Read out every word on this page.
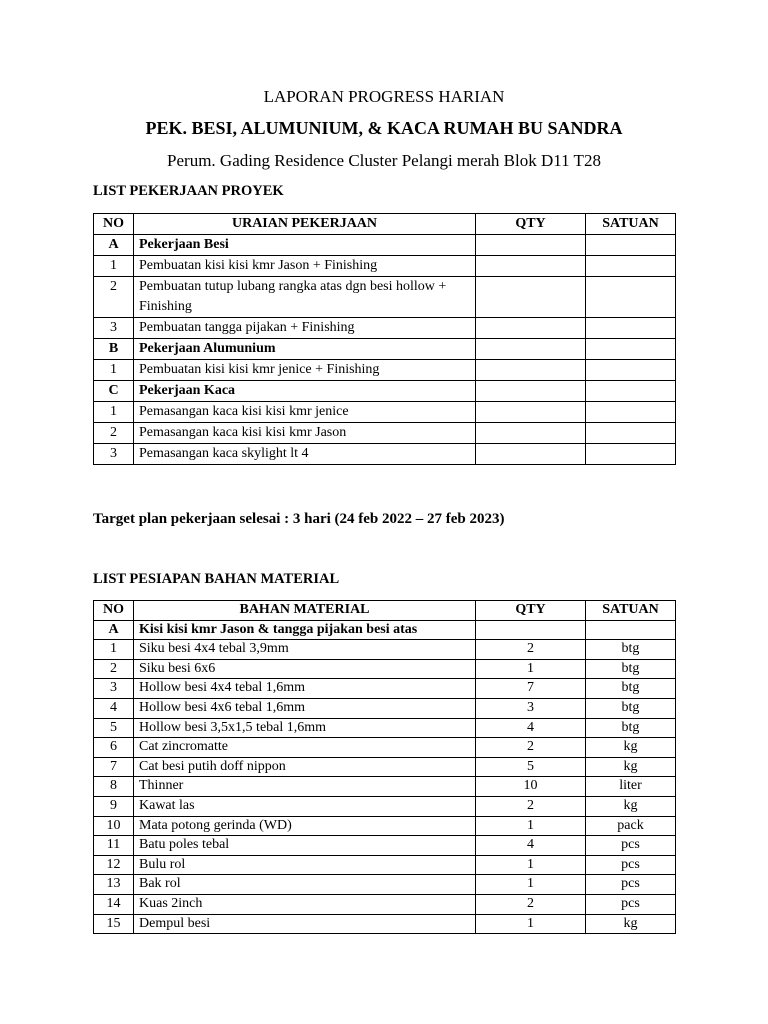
LAPORAN PROGRESS HARIAN
PEK. BESI, ALUMUNIUM, & KACA RUMAH BU SANDRA
Perum. Gading Residence Cluster Pelangi merah Blok D11 T28
LIST PEKERJAAN PROYEK
NO	URAIAN PEKERJAAN	QTY	SATUAN
A	Pekerjaan Besi		
1	Pembuatan kisi kisi kmr Jason + Finishing		
2	Pembuatan tutup lubang rangka atas dgn besi hollow + Finishing		
3	Pembuatan tangga pijakan + Finishing		
B	Pekerjaan Alumunium		
1	Pembuatan kisi kisi kmr jenice + Finishing		
C	Pekerjaan Kaca		
1	Pemasangan kaca kisi kisi kmr jenice		
2	Pemasangan kaca kisi kisi kmr Jason		
3	Pemasangan kaca skylight lt 4		
Target plan pekerjaan selesai : 3 hari (24 feb 2022 – 27 feb 2023)
LIST PESIAPAN BAHAN MATERIAL
NO	BAHAN MATERIAL	QTY	SATUAN
A	Kisi kisi kmr Jason & tangga pijakan besi atas		
1	Siku besi 4x4 tebal 3,9mm	2	btg
2	Siku besi 6x6	1	btg
3	Hollow besi 4x4 tebal 1,6mm	7	btg
4	Hollow besi 4x6 tebal 1,6mm	3	btg
5	Hollow besi 3,5x1,5 tebal 1,6mm	4	btg
6	Cat zincromatte	2	kg
7	Cat besi putih doff nippon	5	kg
8	Thinner	10	liter
9	Kawat las	2	kg
10	Mata potong gerinda (WD)	1	pack
11	Batu poles tebal	4	pcs
12	Bulu rol	1	pcs
13	Bak rol	1	pcs
14	Kuas 2inch	2	pcs
15	Dempul besi	1	kg
